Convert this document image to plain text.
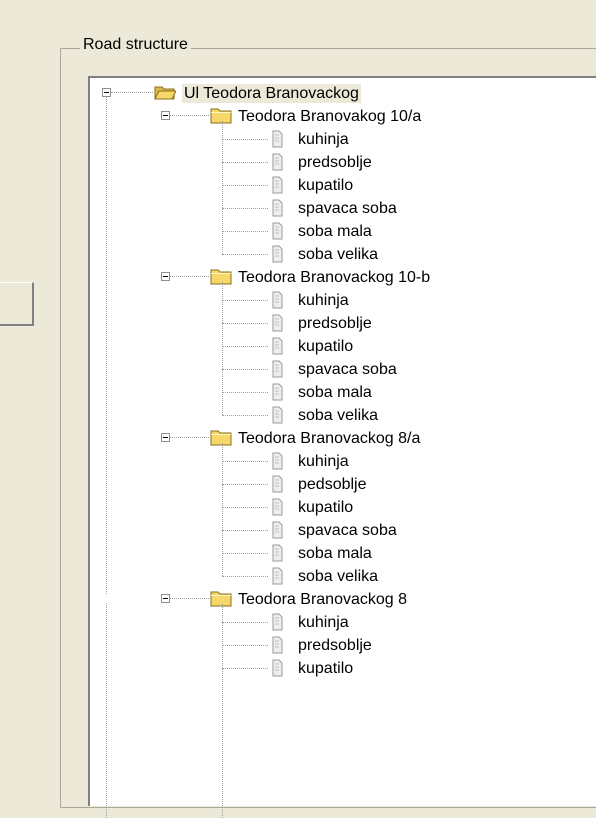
Road structure
Ul Teodora Branovackog
Teodora Branovakog 10/a
kuhinja
predsoblje
kupatilo
spavaca soba
soba mala
soba velika
Teodora Branovackog 10-b
kuhinja
predsoblje
kupatilo
spavaca soba
soba mala
soba velika
Teodora Branovackog 8/a
kuhinja
pedsoblje
kupatilo
spavaca soba
soba mala
soba velika
Teodora Branovackog 8
kuhinja
predsoblje
kupatilo
